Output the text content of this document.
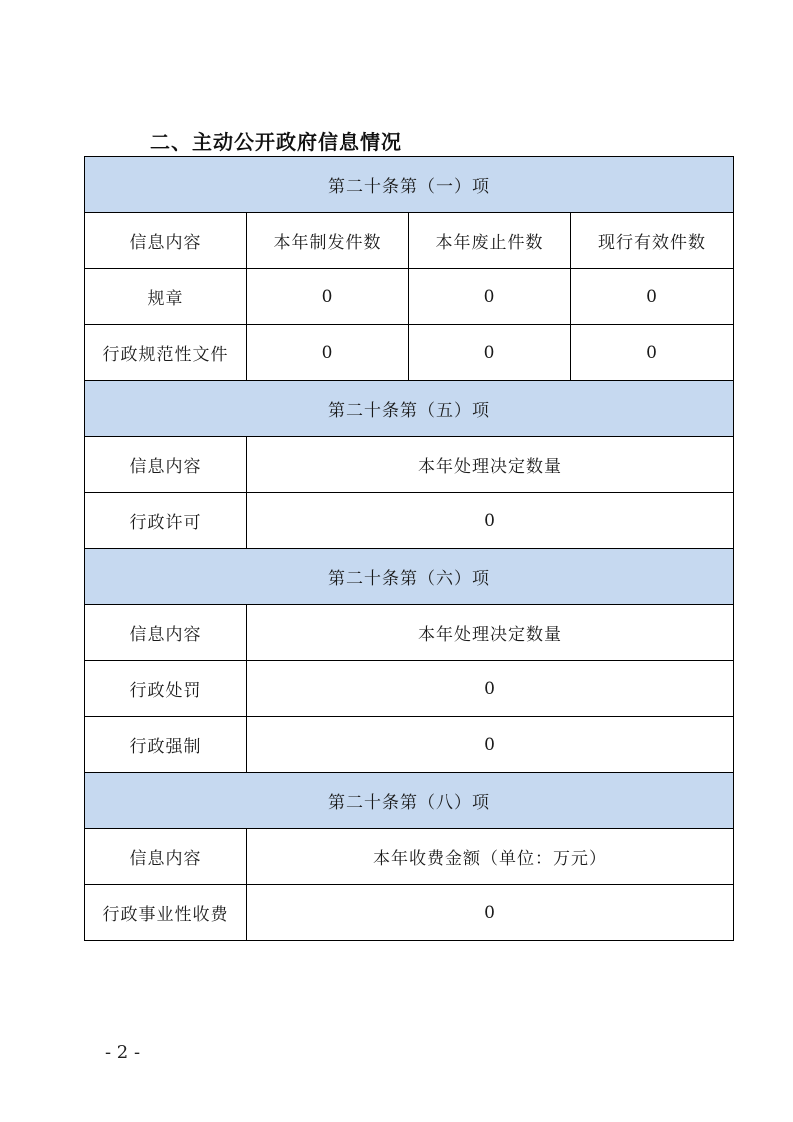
二、主动公开政府信息情况
第二十条第（一）项			
信息内容	本年制发件数	本年废止件数	现行有效件数
规章	0	0	0
行政规范性文件	0	0	0
第二十条第（五）项			
信息内容	本年处理决定数量		
行政许可	0		
第二十条第（六）项			
信息内容	本年处理决定数量		
行政处罚	0		
行政强制	0		
第二十条第（八）项			
信息内容	本年收费金额（单位：万元）		
行政事业性收费	0		
- 2 -
